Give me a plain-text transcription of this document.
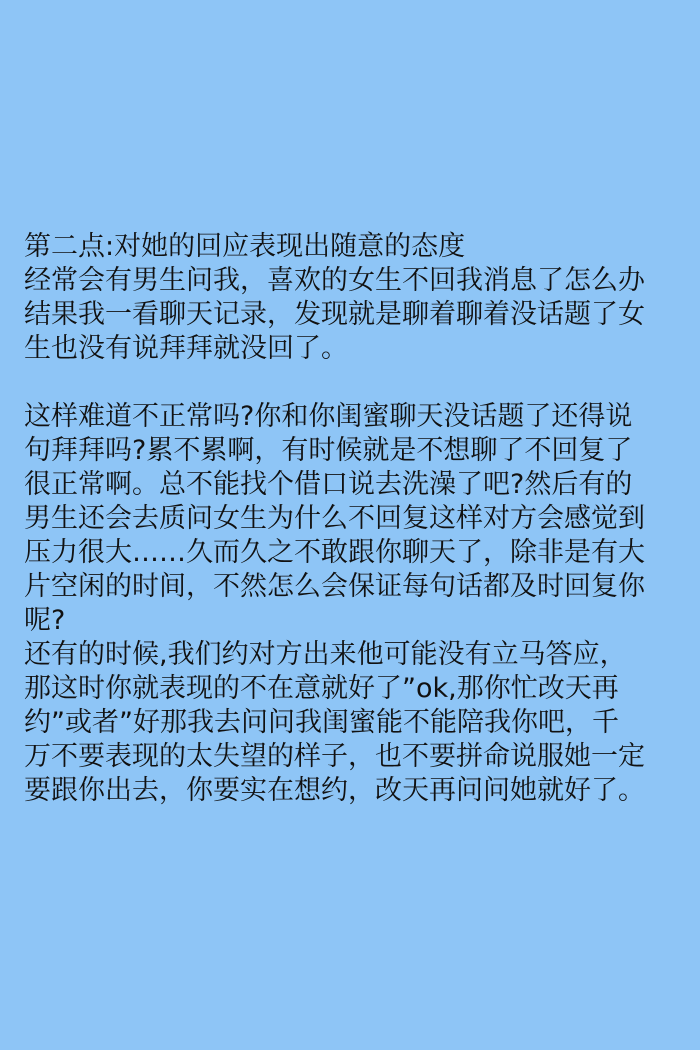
第二点:对她的回应表现出随意的态度
经常会有男生问我，喜欢的女生不回我消息了怎么办
结果我一看聊天记录，发现就是聊着聊着没话题了女
生也没有说拜拜就没回了。
这样难道不正常吗?你和你闺蜜聊天没话题了还得说
句拜拜吗?累不累啊，有时候就是不想聊了不回复了
很正常啊。总不能找个借口说去洗澡了吧?然后有的
男生还会去质问女生为什么不回复这样对方会感觉到
压力很大……久而久之不敢跟你聊天了，除非是有大
片空闲的时间，不然怎么会保证每句话都及时回复你
呢?
还有的时候,我们约对方出来他可能没有立马答应，
那这时你就表现的不在意就好了”ok,那你忙改天再
约”或者”好那我去问问我闺蜜能不能陪我你吧，千
万不要表现的太失望的样子，也不要拼命说服她一定
要跟你出去，你要实在想约，改天再问问她就好了。
